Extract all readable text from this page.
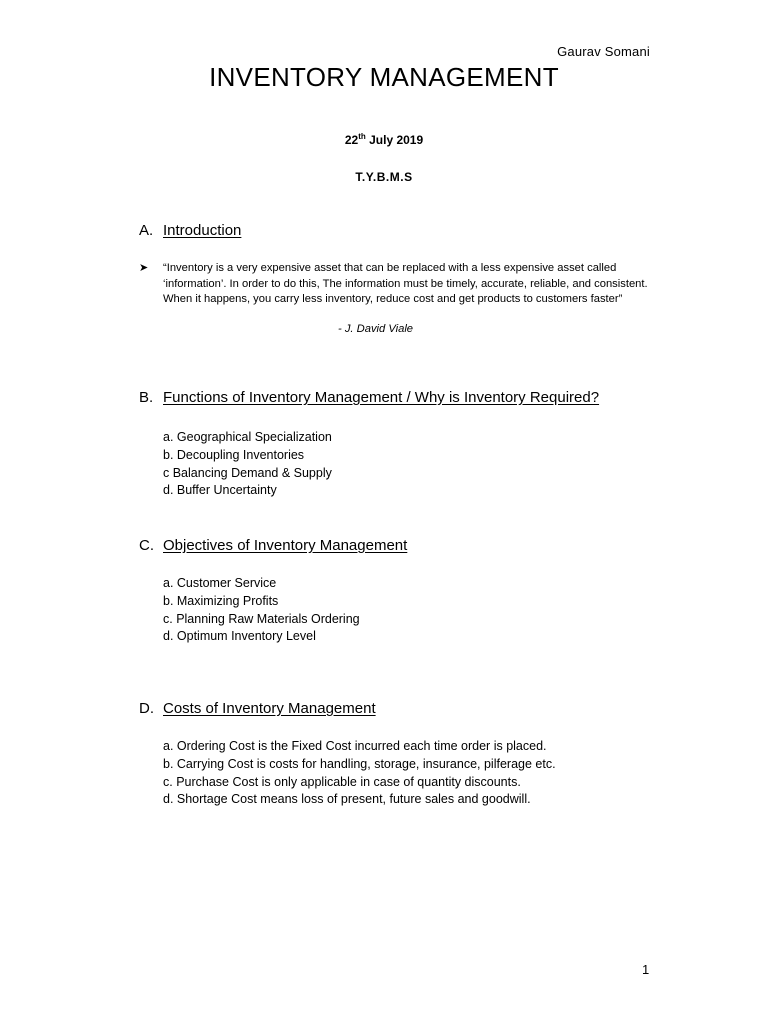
Gaurav Somani
INVENTORY MANAGEMENT
22th July 2019
T.Y.B.M.S
A. Introduction
➤ “Inventory is a very expensive asset that can be replaced with a less expensive asset called ‘information’. In order to do this, The information must be timely, accurate, reliable, and consistent. When it happens, you carry less inventory, reduce cost and get products to customers faster”
- J. David Viale
B. Functions of Inventory Management / Why is Inventory Required?
a. Geographical Specialization
b. Decoupling Inventories
c Balancing Demand & Supply
d. Buffer Uncertainty
C. Objectives of Inventory Management
a. Customer Service
b. Maximizing Profits
c. Planning Raw Materials Ordering
d. Optimum Inventory Level
D. Costs of Inventory Management
a. Ordering Cost is the Fixed Cost incurred each time order is placed.
b. Carrying Cost is costs for handling, storage, insurance, pilferage etc.
c. Purchase Cost is only applicable in case of quantity discounts.
d. Shortage Cost means loss of present, future sales and goodwill.
1
